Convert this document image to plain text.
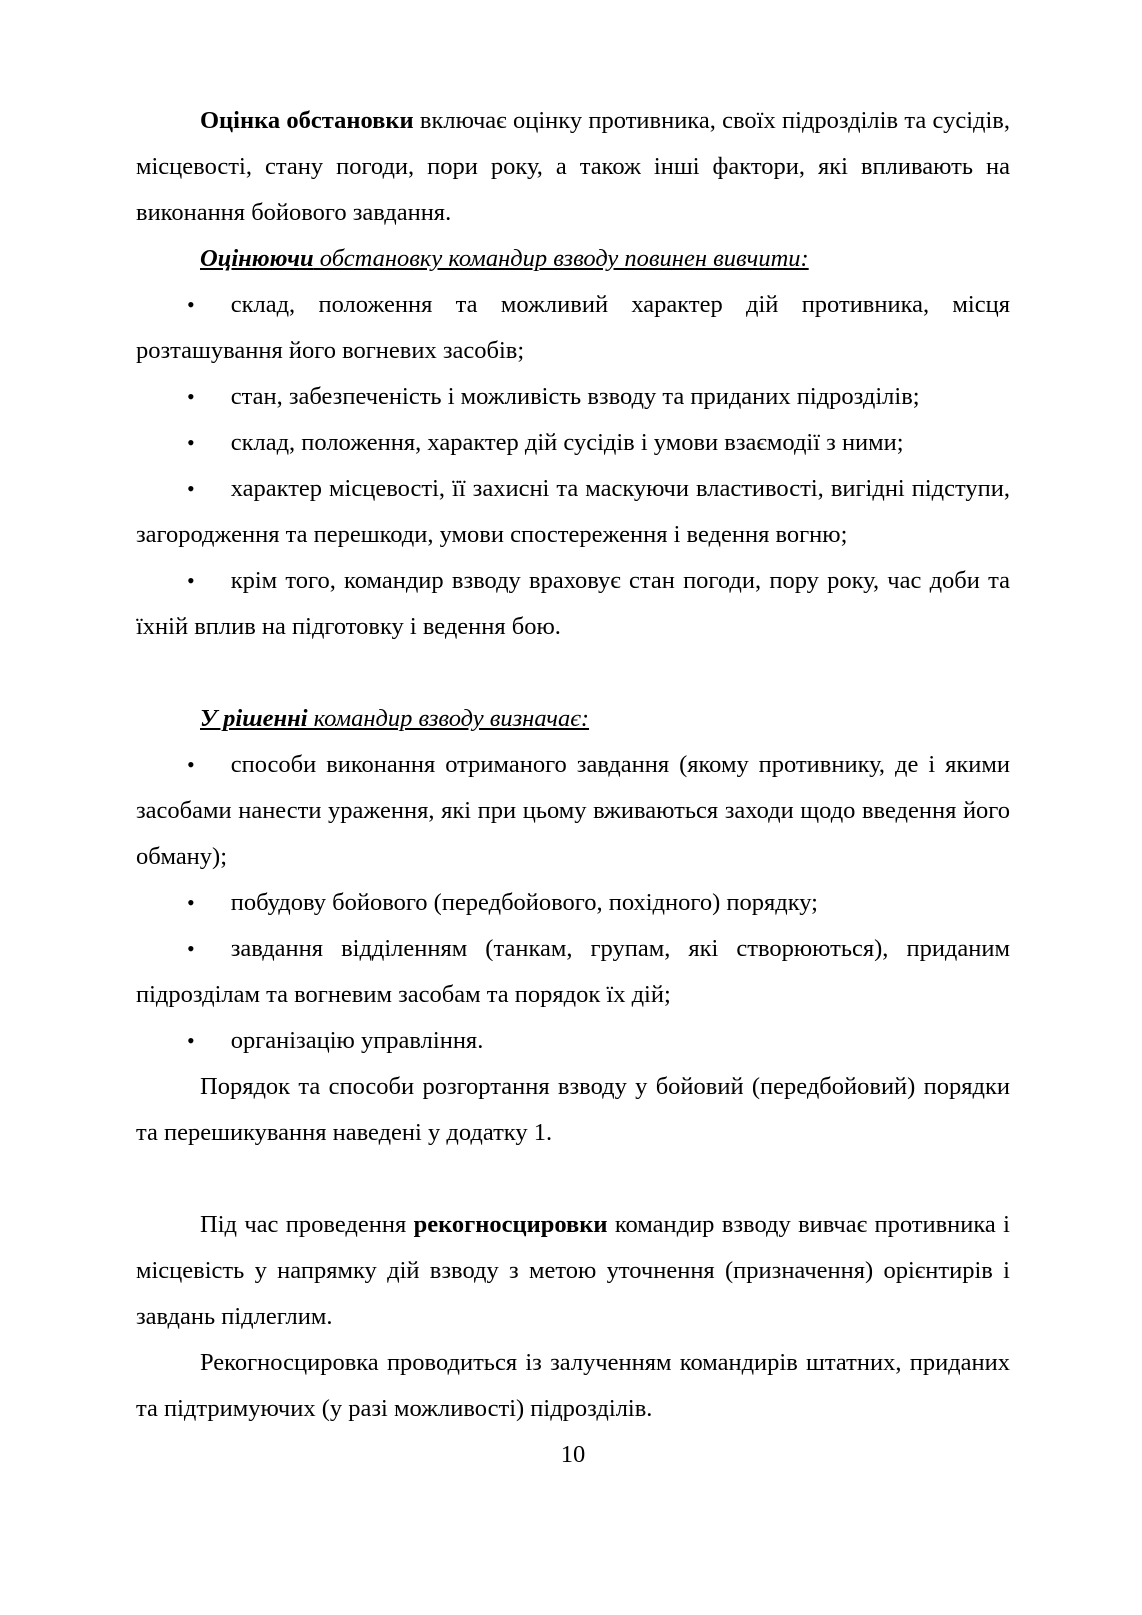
Оцінка обстановки включає оцінку противника, своїх підрозділів та сусідів, місцевості, стану погоди, пори року, а також інші фактори, які впливають на виконання бойового завдання.

Оцінюючи обстановку командир взводу повинен вивчити:

• склад, положення та можливий характер дій противника, місця розташування його вогневих засобів;

• стан, забезпеченість і можливість взводу та приданих підрозділів;

• склад, положення, характер дій сусідів і умови взаємодії з ними;

• характер місцевості, її захисні та маскуючи властивості, вигідні підступи, загородження та перешкоди, умови спостереження і ведення вогню;

• крім того, командир взводу враховує стан погоди, пору року, час доби та їхній вплив на підготовку і ведення бою.

У рішенні командир взводу визначає:

• способи виконання отриманого завдання (якому противнику, де і якими засобами нанести ураження, які при цьому вживаються заходи щодо введення його обману);

• побудову бойового (передбойового, похідного) порядку;

• завдання відділенням (танкам, групам, які створюються), приданим підрозділам та вогневим засобам та порядок їх дій;

• організацію управління.

Порядок та способи розгортання взводу у бойовий (передбойовий) порядки та перешикування наведені у додатку 1.

Під час проведення рекогносцировки командир взводу вивчає противника і місцевість у напрямку дій взводу з метою уточнення (призначення) орієнтирів і завдань підлеглим.

Рекогносцировка проводиться із залученням командирів штатних, приданих та підтримуючих (у разі можливості) підрозділів.

10
